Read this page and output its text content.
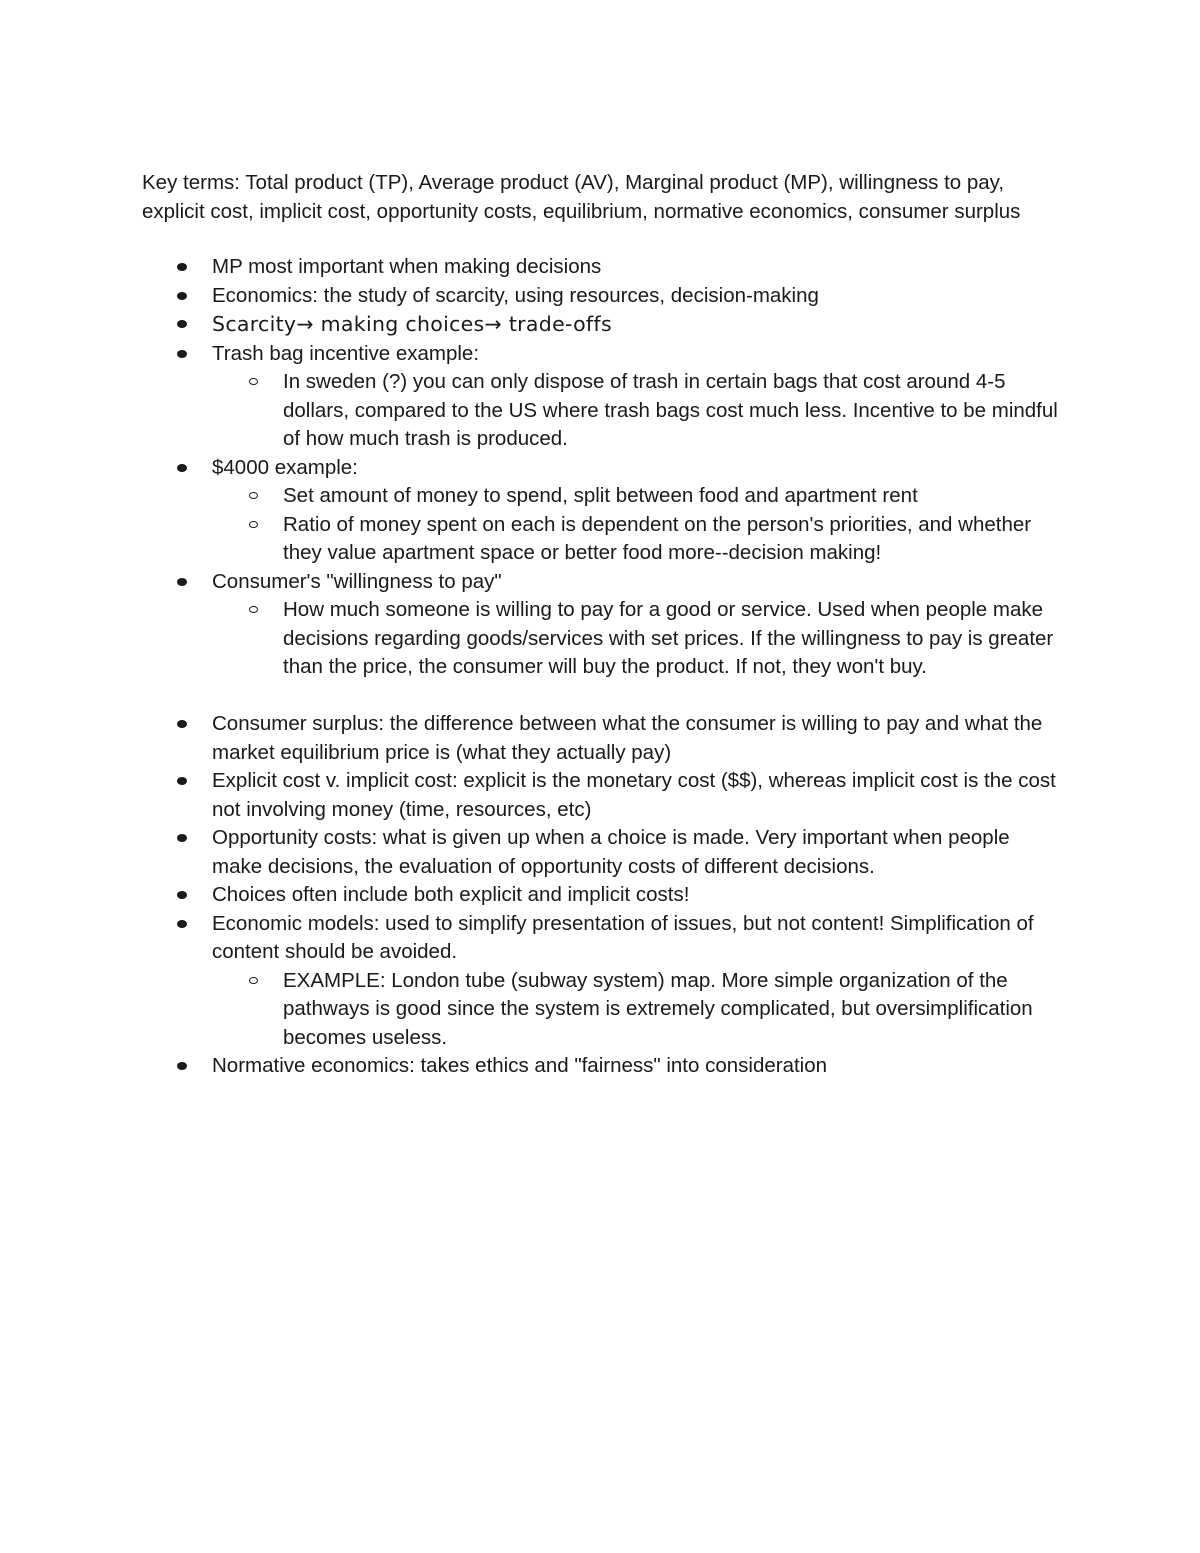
Key terms: Total product (TP), Average product (AV), Marginal product (MP), willingness to pay, explicit cost, implicit cost, opportunity costs, equilibrium, normative economics, consumer surplus

MP most important when making decisions
Economics: the study of scarcity, using resources, decision-making
Scarcity→ making choices→ trade-offs
Trash bag incentive example:
In sweden (?) you can only dispose of trash in certain bags that cost around 4-5 dollars, compared to the US where trash bags cost much less. Incentive to be mindful of how much trash is produced.
$4000 example:
Set amount of money to spend, split between food and apartment rent
Ratio of money spent on each is dependent on the person's priorities, and whether they value apartment space or better food more--decision making!
Consumer's "willingness to pay"
How much someone is willing to pay for a good or service. Used when people make decisions regarding goods/services with set prices. If the willingness to pay is greater than the price, the consumer will buy the product. If not, they won't buy.
Consumer surplus: the difference between what the consumer is willing to pay and what the market equilibrium price is (what they actually pay)
Explicit cost v. implicit cost: explicit is the monetary cost ($$), whereas implicit cost is the cost not involving money (time, resources, etc)
Opportunity costs: what is given up when a choice is made. Very important when people make decisions, the evaluation of opportunity costs of different decisions.
Choices often include both explicit and implicit costs!
Economic models: used to simplify presentation of issues, but not content! Simplification of content should be avoided.
EXAMPLE: London tube (subway system) map. More simple organization of the pathways is good since the system is extremely complicated, but oversimplification becomes useless.
Normative economics: takes ethics and "fairness" into consideration
